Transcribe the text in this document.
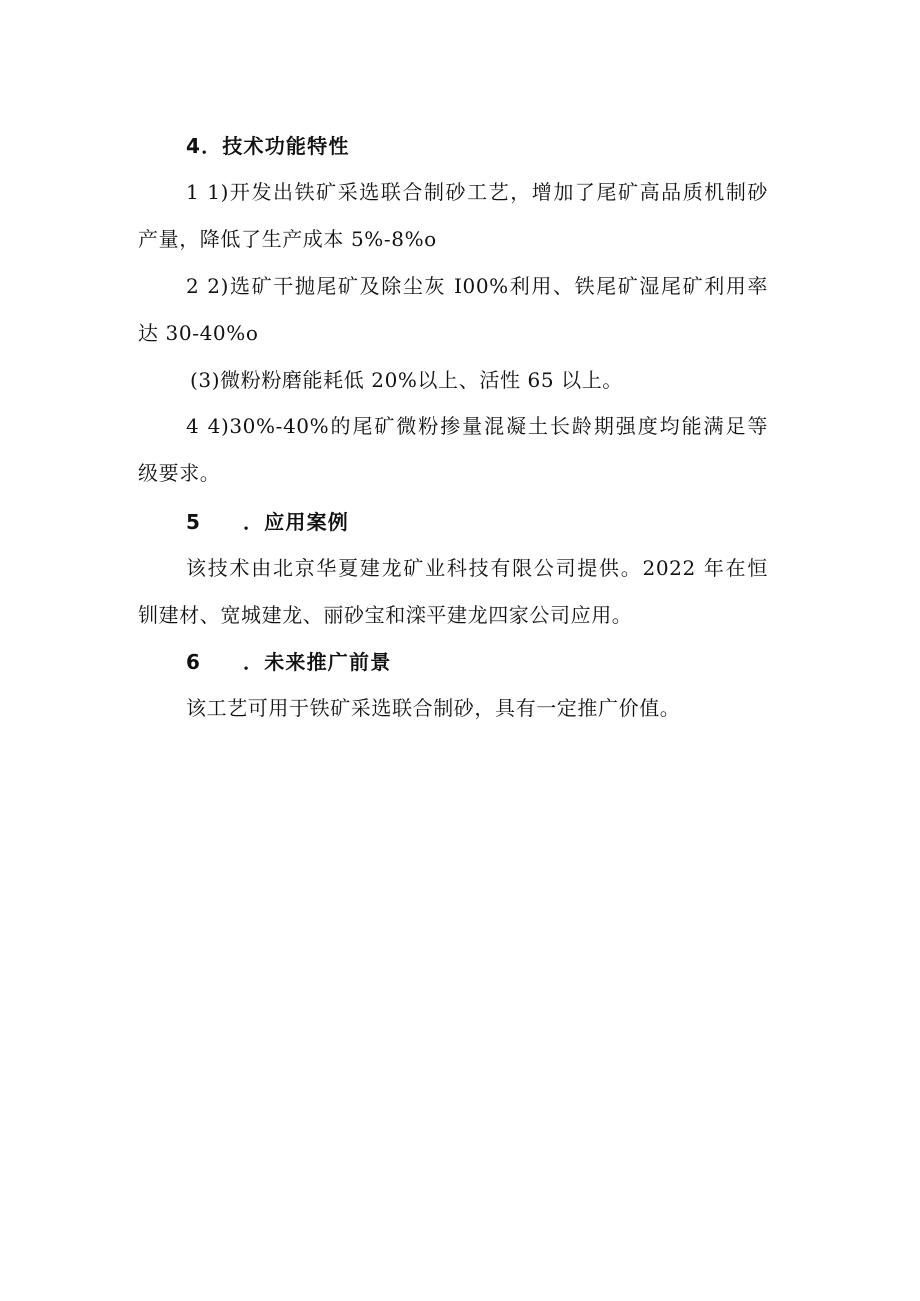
4．技术功能特性
1 1)开发出铁矿采选联合制砂工艺，增加了尾矿高品质机制砂
产量，降低了生产成本 5%-8%o
2 2)选矿干抛尾矿及除尘灰 I00%利用、铁尾矿湿尾矿利用率
达 30-40%o
(3)微粉粉磨能耗低 20%以上、活性 65 以上。
4 4)30%-40%的尾矿微粉掺量混凝土长龄期强度均能满足等
级要求。
5 ．应用案例
该技术由北京华夏建龙矿业科技有限公司提供。2022 年在恒
钏建材、宽城建龙、丽砂宝和滦平建龙四家公司应用。
6 ．未来推广前景
该工艺可用于铁矿采选联合制砂，具有一定推广价值。
